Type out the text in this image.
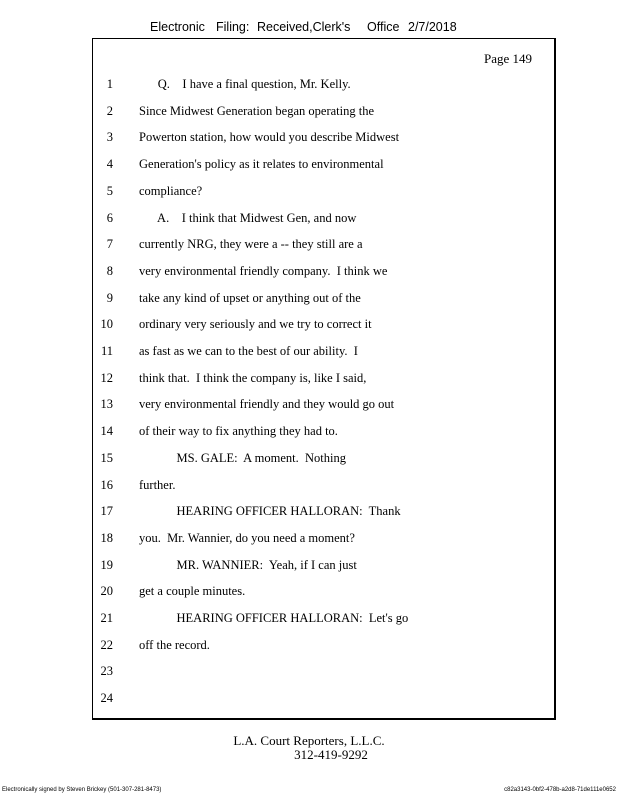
Electronic Filing: Received,Clerk's Office 2/7/2018
Page 149
1 Q.    I have a final question, Mr. Kelly.
2 Since Midwest Generation began operating the
3 Powerton station, how would you describe Midwest
4 Generation's policy as it relates to environmental
5 compliance?
6 A.    I think that Midwest Gen, and now
7 currently NRG, they were a -- they still are a
8 very environmental friendly company.  I think we
9 take any kind of upset or anything out of the
10 ordinary very seriously and we try to correct it
11 as fast as we can to the best of our ability.  I
12 think that.  I think the company is, like I said,
13 very environmental friendly and they would go out
14 of their way to fix anything they had to.
15 MS. GALE:  A moment.  Nothing
16 further.
17 HEARING OFFICER HALLORAN:  Thank
18 you.  Mr. Wannier, do you need a moment?
19 MR. WANNIER:  Yeah, if I can just
20 get a couple minutes.
21 HEARING OFFICER HALLORAN:  Let's go
22 off the record.
23
24
L.A. Court Reporters, L.L.C.
312-419-9292
Electronically signed by Steven Brickey (501-307-281-8473)	c82a3143-0bf2-478b-a2d8-71de111e0652
